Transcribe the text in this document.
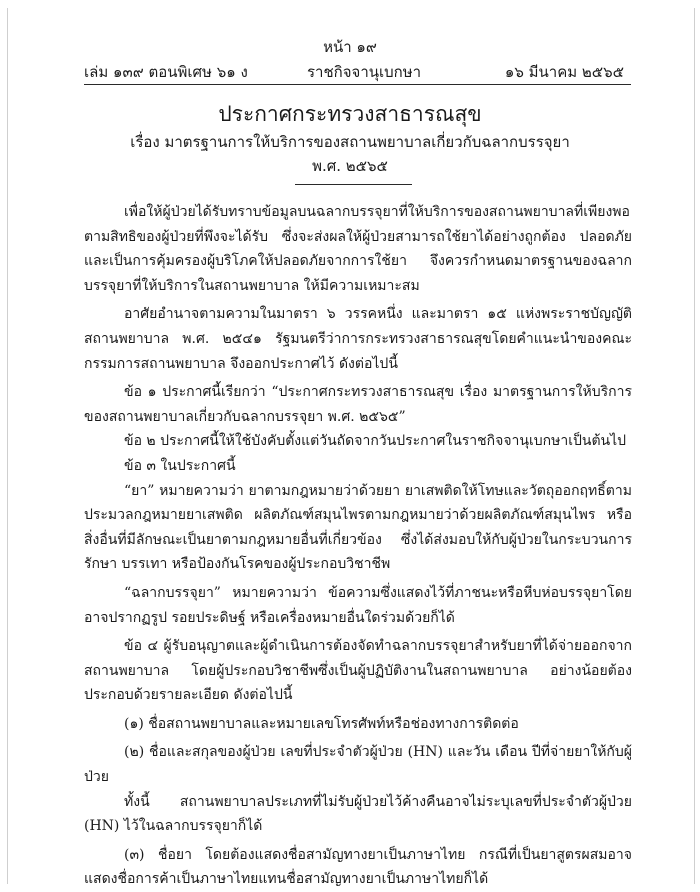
หน้า ๑๙
เล่ม ๑๓๙ ตอนพิเศษ ๖๑ ง	ราชกิจจานุเบกษา	๑๖ มีนาคม ๒๕๖๕
ประกาศกระทรวงสาธารณสุข
เรื่อง มาตรฐานการให้บริการของสถานพยาบาลเกี่ยวกับฉลากบรรจุยา
พ.ศ. ๒๕๖๕

เพื่อให้ผู้ป่วยได้รับทราบข้อมูลบนฉลากบรรจุยาที่ให้บริการของสถานพยาบาลที่เพียงพอตามสิทธิของผู้ป่วยที่พึงจะได้รับ ซึ่งจะส่งผลให้ผู้ป่วยสามารถใช้ยาได้อย่างถูกต้อง ปลอดภัย และเป็นการคุ้มครองผู้บริโภคให้ปลอดภัยจากการใช้ยา จึงควรกำหนดมาตรฐานของฉลากบรรจุยาที่ให้บริการในสถานพยาบาล ให้มีความเหมาะสม

อาศัยอำนาจตามความในมาตรา ๖ วรรคหนึ่ง และมาตรา ๑๕ แห่งพระราชบัญญัติสถานพยาบาล พ.ศ. ๒๕๔๑ รัฐมนตรีว่าการกระทรวงสาธารณสุขโดยคำแนะนำของคณะกรรมการสถานพยาบาล จึงออกประกาศไว้ ดังต่อไปนี้

ข้อ ๑ ประกาศนี้เรียกว่า “ประกาศกระทรวงสาธารณสุข เรื่อง มาตรฐานการให้บริการของสถานพยาบาลเกี่ยวกับฉลากบรรจุยา พ.ศ. ๒๕๖๕”

ข้อ ๒ ประกาศนี้ให้ใช้บังคับตั้งแต่วันถัดจากวันประกาศในราชกิจจานุเบกษาเป็นต้นไป

ข้อ ๓ ในประกาศนี้

“ยา” หมายความว่า ยาตามกฎหมายว่าด้วยยา ยาเสพติดให้โทษและวัตถุออกฤทธิ์ตามประมวลกฎหมายยาเสพติด ผลิตภัณฑ์สมุนไพรตามกฎหมายว่าด้วยผลิตภัณฑ์สมุนไพร หรือสิ่งอื่นที่มีลักษณะเป็นยาตามกฎหมายอื่นที่เกี่ยวข้อง ซึ่งได้ส่งมอบให้กับผู้ป่วยในกระบวนการรักษา บรรเทา หรือป้องกันโรคของผู้ประกอบวิชาชีพ

“ฉลากบรรจุยา” หมายความว่า ข้อความซึ่งแสดงไว้ที่ภาชนะหรือหีบห่อบรรจุยาโดยอาจปรากฏรูป รอยประดิษฐ์ หรือเครื่องหมายอื่นใดร่วมด้วยก็ได้

ข้อ ๔ ผู้รับอนุญาตและผู้ดำเนินการต้องจัดทำฉลากบรรจุยาสำหรับยาที่ได้จ่ายออกจากสถานพยาบาล โดยผู้ประกอบวิชาชีพซึ่งเป็นผู้ปฏิบัติงานในสถานพยาบาล อย่างน้อยต้องประกอบด้วยรายละเอียด ดังต่อไปนี้

(๑) ชื่อสถานพยาบาลและหมายเลขโทรศัพท์หรือช่องทางการติดต่อ

(๒) ชื่อและสกุลของผู้ป่วย เลขที่ประจำตัวผู้ป่วย (HN) และวัน เดือน ปีที่จ่ายยาให้กับผู้ป่วย

ทั้งนี้ สถานพยาบาลประเภทที่ไม่รับผู้ป่วยไว้ค้างคืนอาจไม่ระบุเลขที่ประจำตัวผู้ป่วย (HN) ไว้ในฉลากบรรจุยาก็ได้

(๓) ชื่อยา โดยต้องแสดงชื่อสามัญทางยาเป็นภาษาไทย กรณีที่เป็นยาสูตรผสมอาจแสดงชื่อการค้าเป็นภาษาไทยแทนชื่อสามัญทางยาเป็นภาษาไทยก็ได้
